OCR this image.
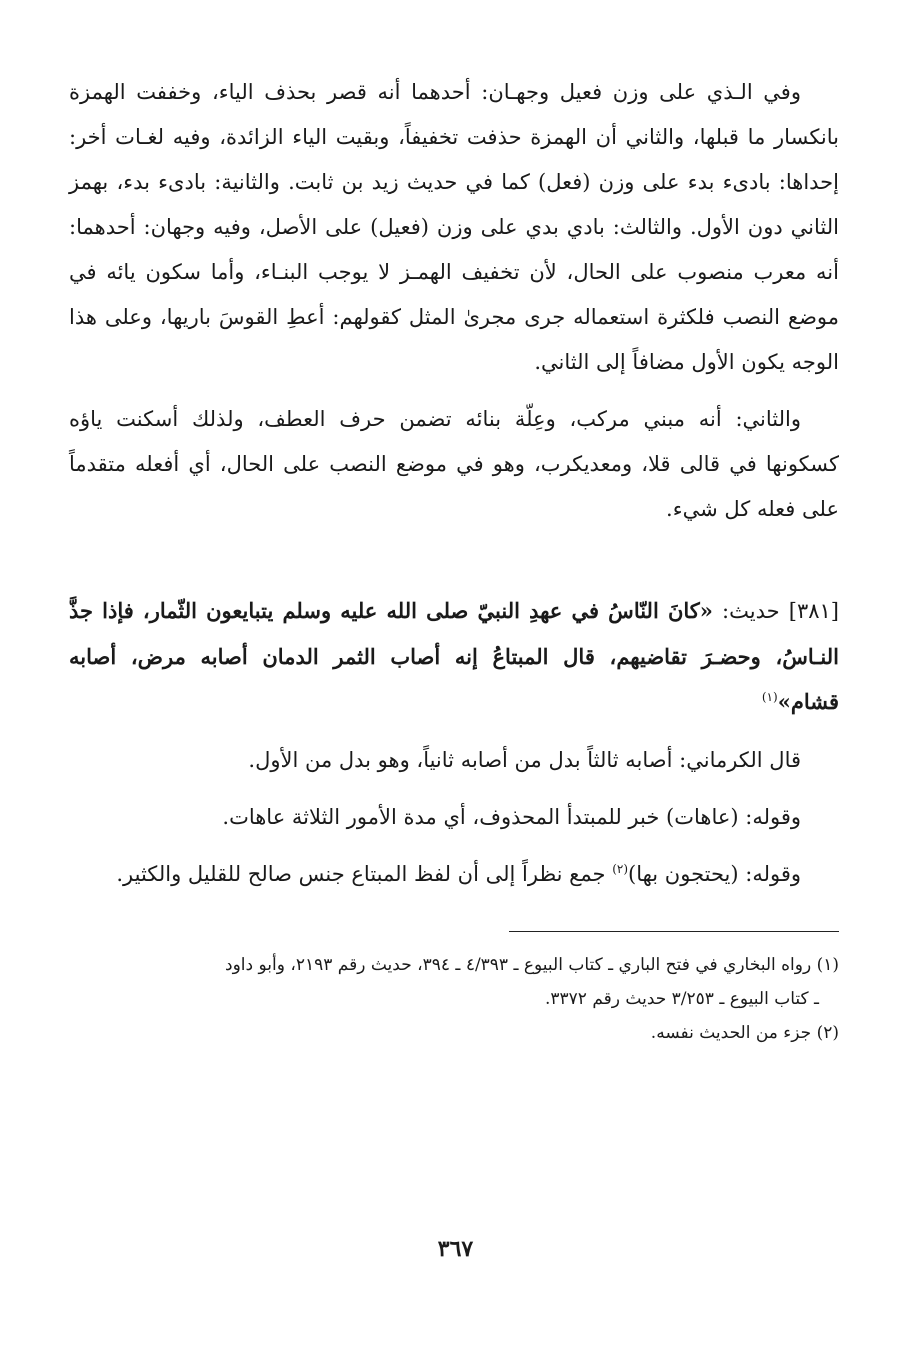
وفي الـذي على وزن فعيل وجهـان: أحدهما أنه قصر بحذف الياء، وخففت الهمزة بانكسار ما قبلها، والثاني أن الهمزة حذفت تخفيفاً، وبقيت الياء الزائدة، وفيه لغـات أخر: إحداها: بادىء بدء على وزن (فعل) كما في حديث زيد بن ثابت. والثانية: بادىء بدء، بهمز الثاني دون الأول. والثالث: بادي بدي على وزن (فعيل) على الأصل، وفيه وجهان: أحدهما: أنه معرب منصوب على الحال، لأن تخفيف الهمـز لا يوجب البنـاء، وأما سكون يائه في موضع النصب فلكثرة استعماله جرى مجرىٰ المثل كقولهم: أعطِ القوسَ باريها، وعلى هذا الوجه يكون الأول مضافاً إلى الثاني.

والثاني: أنه مبني مركب، وعِلّة بنائه تضمن حرف العطف، ولذلك أسكنت ياؤه كسكونها في قالى قلا، ومعديكرب، وهو في موضع النصب على الحال، أي أفعله متقدماً على فعله كل شيء.

[٣٨١] حديث: «كانَ النّاسُ في عهدِ النبيّ صلى الله عليه وسلم يتبايعون الثّمار، فإذا جذَّ النـاسُ، وحضـرَ تقاضيهم، قال المبتاعُ إنه أصاب الثمر الدمان أصابه مرض، أصابه قشام»$^{(١)}$

قال الكرماني: أصابه ثالثاً بدل من أصابه ثانياً، وهو بدل من الأول.

وقوله: (عاهات) خبر للمبتدأ المحذوف، أي مدة الأمور الثلاثة عاهات.

وقوله: (يحتجون بها)$^{(٢)}$ جمع نظراً إلى أن لفظ المبتاع جنس صالح للقليل والكثير.

(١) رواه البخاري في فتح الباري ـ كتاب البيوع ـ ٤/٣٩٣ ـ ٣٩٤، حديث رقم ٢١٩٣، وأبو داود
ـ كتاب البيوع ـ ٣/٢٥٣ حديث رقم ٣٣٧٢.
(٢) جزء من الحديث نفسه.
٣٦٧
